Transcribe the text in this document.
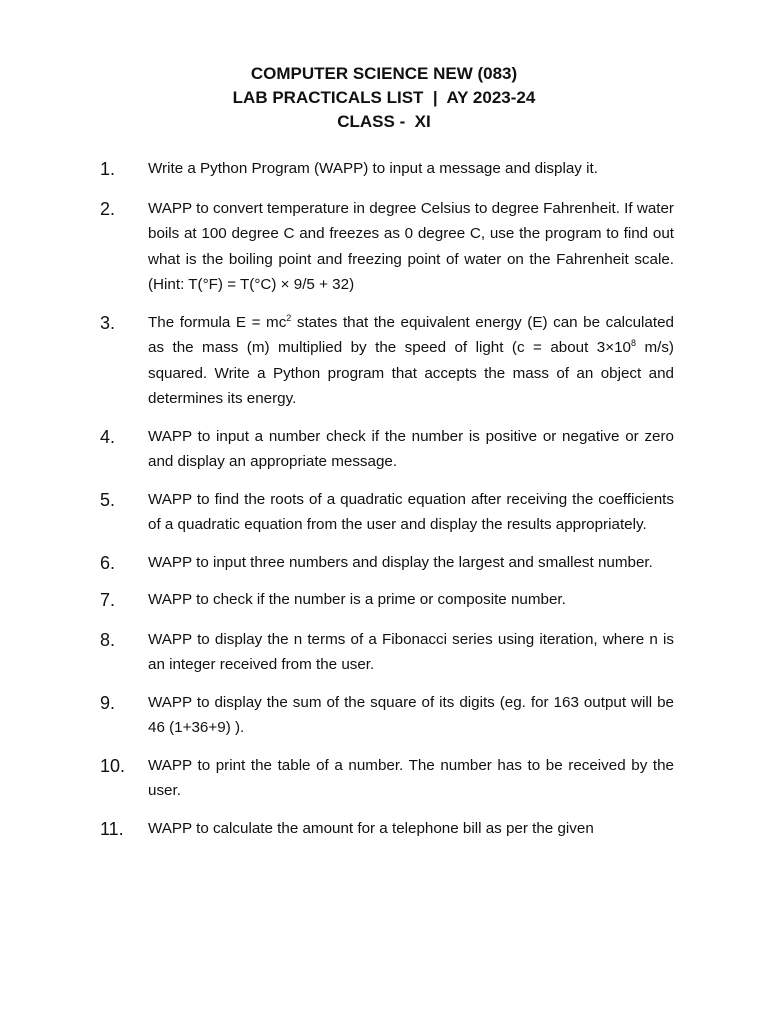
COMPUTER SCIENCE NEW (083)
LAB PRACTICALS LIST  |  AY 2023-24
CLASS -  XI
1. Write a Python Program (WAPP) to input a message and display it.
2. WAPP to convert temperature in degree Celsius to degree Fahrenheit. If water boils at 100 degree C and freezes as 0 degree C, use the program to find out what is the boiling point and freezing point of water on the Fahrenheit scale. (Hint: T(°F) = T(°C) × 9/5 + 32)
3. The formula $E = mc^2$ states that the equivalent energy (E) can be calculated as the mass (m) multiplied by the speed of light (c = about $3\times 10^8$ m/s) squared. Write a Python program that accepts the mass of an object and determines its energy.
4. WAPP to input a number check if the number is positive or negative or zero and display an appropriate message.
5. WAPP to find the roots of a quadratic equation after receiving the coefficients of a quadratic equation from the user and display the results appropriately.
6. WAPP to input three numbers and display the largest and smallest number.
7. WAPP to check if the number is a prime or composite number.
8. WAPP to display the n terms of a Fibonacci series using iteration, where n is an integer received from the user.
9. WAPP to display the sum of the square of its digits (eg. for 163 output will be 46 (1+36+9) ).
10. WAPP to print the table of a number. The number has to be received by the user.
11. WAPP to calculate the amount for a telephone bill as per the given
